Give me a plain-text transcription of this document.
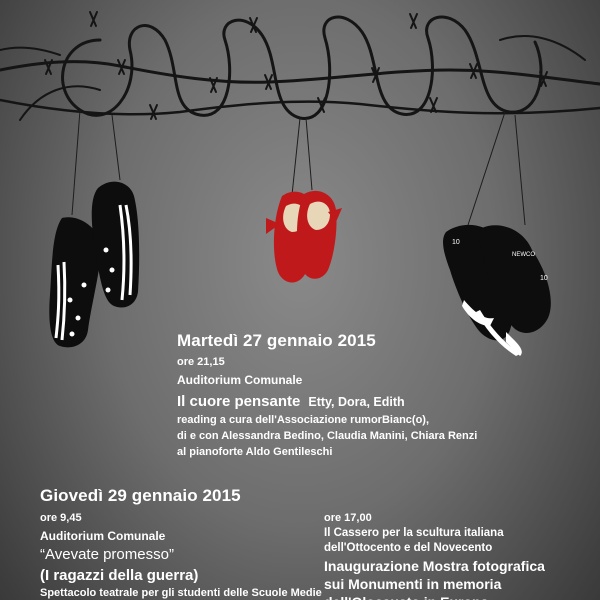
10
NEWCO
10
Martedì 27 gennaio 2015
ore 21,15
Auditorium Comunale
Il cuore pensante Etty, Dora, Edith
reading a cura dell'Associazione rumorBianc(o),
di e con Alessandra Bedino, Claudia Manini, Chiara Renzi
al pianoforte Aldo Gentileschi
Giovedì 29 gennaio 2015
ore 9,45
Auditorium Comunale
“Avevate promesso”
(I ragazzi della guerra)
Spettacolo teatrale per gli studenti delle Scuole Medie
ore 17,00
Il Cassero per la scultura italiana
dell'Ottocento e del Novecento
Inaugurazione Mostra fotografica
sui Monumenti in memoria
dell'Olocausto in Europa
